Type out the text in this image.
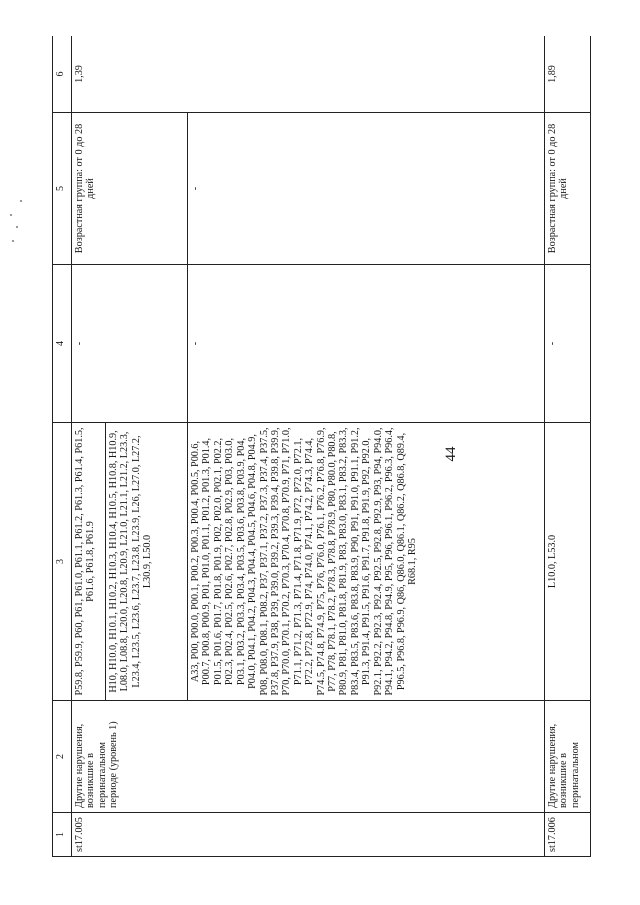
44
1	2	3	4	5	6
st17.005	Другие нарушения, возникшие в перинатальном периоде (уровень 1)	P59.8, P59.9, P60, P61, P61.0, P61.1, P61.2, P61.3, P61.4, P61.5, P61.6, P61.8, P61.9	-	Возрастная группа: от 0 до 28 дней	1,39
		H10, H10.0, H10.1, H10.2, H10.3, H10.4, H10.5, H10.8, H10.9, L08.0, L08.8, L20.0, L20.8, L20.9, L21.0, L21.1, L21.2, L23.3, L23.4, L23.5, L23.6, L23.7, L23.8, L23.9, L26, L27.0, L27.2, L30.9, L50.0			
		A33, P00, P00.0, P00.1, P00.2, P00.3, P00.4, P00.5, P00.6, P00.7, P00.8, P00.9, P01, P01.0, P01.1, P01.2, P01.3, P01.4, P01.5, P01.6, P01.7, P01.8, P01.9, P02, P02.0, P02.1, P02.2, P02.3, P02.4, P02.5, P02.6, P02.7, P02.8, P02.9, P03, P03.0, P03.1, P03.2, P03.3, P03.4, P03.5, P03.6, P03.8, P03.9, P04, P04.0, P04.1, P04.2, P04.3, P04.4, P04.5, P04.6, P04.8, P04.9, P08, P08.0, P08.1, P08.2, P37, P37.1, P37.2, P37.3, P37.4, P37.5, P37.8, P37.9, P38, P39, P39.0, P39.2, P39.3, P39.4, P39.8, P39.9, P70, P70.0, P70.1, P70.2, P70.3, P70.4, P70.8, P70.9, P71, P71.0, P71.1, P71.2, P71.3, P71.4, P71.8, P71.9, P72, P72.0, P72.1, P72.2, P72.8, P72.9, P74, P74.0, P74.1, P74.2, P74.3, P74.4, P74.5, P74.8, P74.9, P75, P76, P76.0, P76.1, P76.2, P76.8, P76.9, P77, P78, P78.1, P78.2, P78.3, P78.8, P78.9, P80, P80.0, P80.8, P80.9, P81, P81.0, P81.8, P81.9, P83, P83.0, P83.1, P83.2, P83.3, P83.4, P83.5, P83.6, P83.8, P83.9, P90, P91, P91.0, P91.1, P91.2, P91.3, P91.4, P91.5, P91.6, P91.7, P91.8, P91.9, P92, P92.0, P92.1, P92.2, P92.3, P92.4, P92.5, P92.8, P92.9, P93, P94, P94.0, P94.1, P94.2, P94.8, P94.9, P95, P96, P96.1, P96.2, P96.3, P96.4, P96.5, P96.8, P96.9, Q86, Q86.0, Q86.1, Q86.2, Q86.8, Q89.4, R68.1, R95	-	-	
st17.006	Другие нарушения, возникшие в перинатальном	L10.0, L53.0	-	Возрастная группа: от 0 до 28 дней	1,89
